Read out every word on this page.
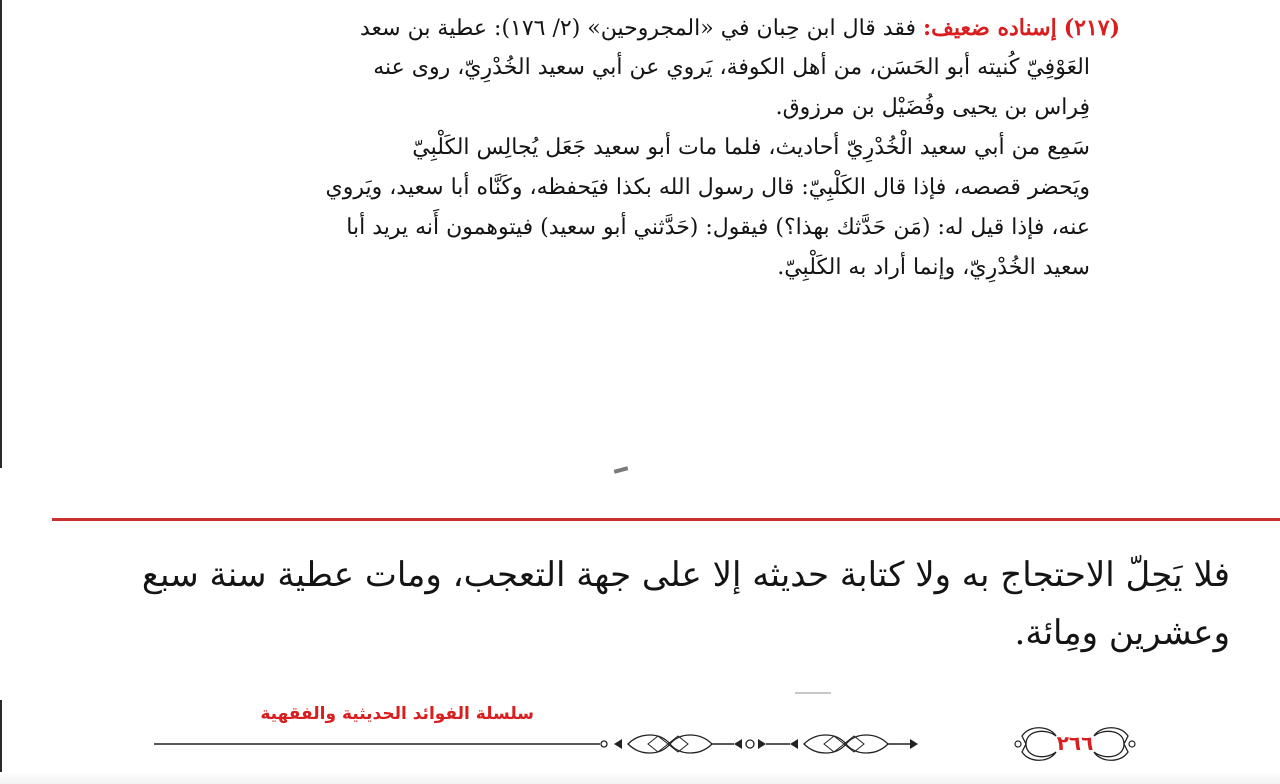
(٢١٧) إسناده ضعيف: فقد قال ابن حِبان في «المجروحين» (٢/ ١٧٦): عطية بن سعد
العَوْفِيّ كُنيته أبو الحَسَن، من أهل الكوفة، يَروي عن أبي سعيد الخُدْرِيّ، روى عنه
فِراس بن يحيى وفُضَيْل بن مرزوق.
سَمِع من أبي سعيد الْخُدْرِيّ أحاديث، فلما مات أبو سعيد جَعَل يُجالِس الكَلْبِيّ
ويَحضر قصصه، فإذا قال الكَلْبِيّ: قال رسول الله بكذا فيَحفظه، وكَنَّاه أبا سعيد، ويَروي
عنه، فإذا قيل له: (مَن حَدَّثك بهذا؟) فيقول: (حَدَّثني أبو سعيد) فيتوهمون أَنه يريد أبا
سعيد الخُدْرِيّ، وإنما أراد به الكَلْبِيّ.
فلا يَحِلّ الاحتجاج به ولا كتابة حديثه إلا على جهة التعجب، ومات عطية سنة سبع
وعشرين ومِائة.
سلسلة الفوائد الحديثية والفقهية
٢٦٦
